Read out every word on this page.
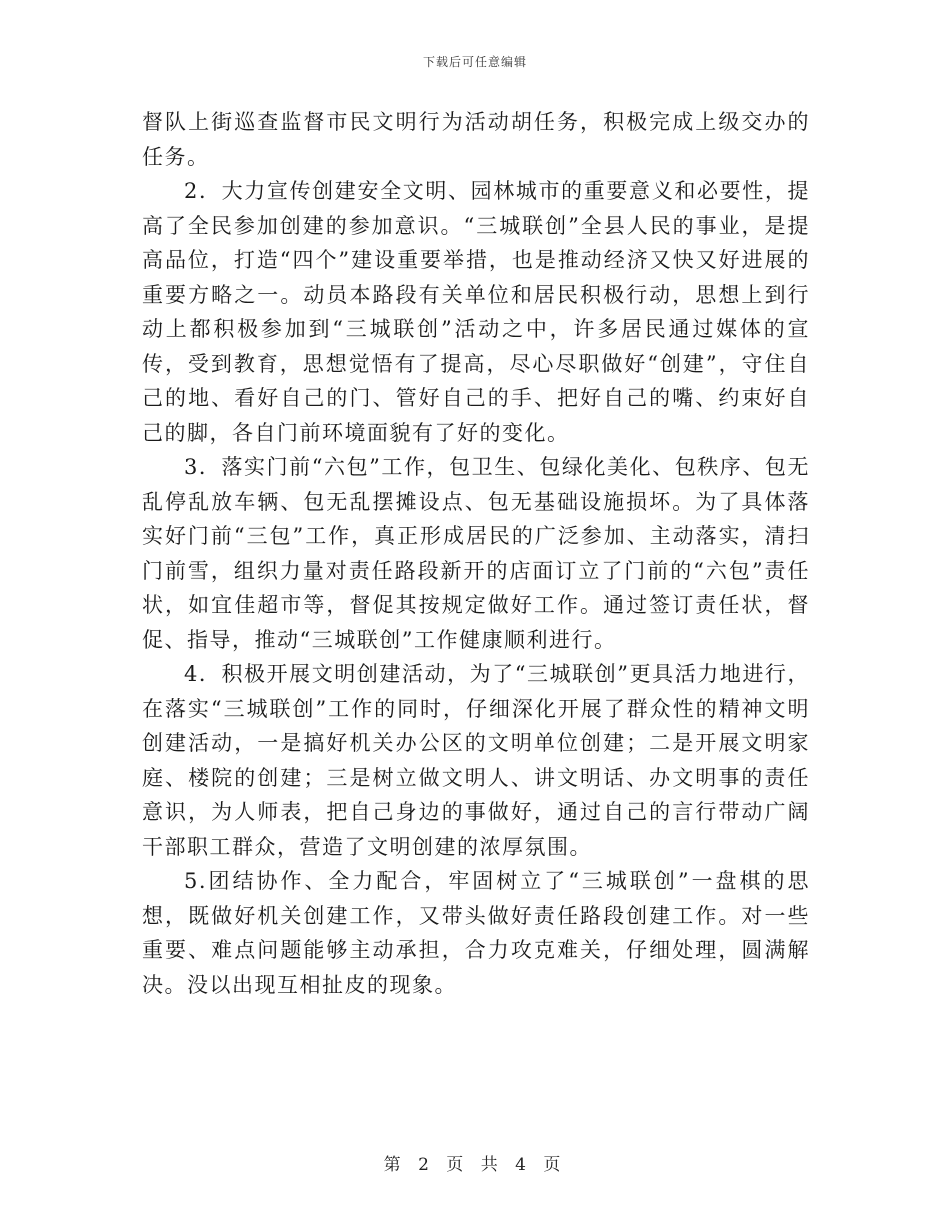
下载后可任意编辑

督队上街巡查监督市民文明行为活动胡任务，积极完成上级交办的任务。

2．大力宣传创建安全文明、园林城市的重要意义和必要性，提高了全民参加创建的参加意识。“三城联创”全县人民的事业，是提高品位，打造“四个”建设重要举措，也是推动经济又快又好进展的重要方略之一。动员本路段有关单位和居民积极行动，思想上到行动上都积极参加到“三城联创”活动之中，许多居民通过媒体的宣传，受到教育，思想觉悟有了提高，尽心尽职做好“创建”，守住自己的地、看好自己的门、管好自己的手、把好自己的嘴、约束好自己的脚，各自门前环境面貌有了好的变化。

3．落实门前“六包”工作，包卫生、包绿化美化、包秩序、包无乱停乱放车辆、包无乱摆摊设点、包无基础设施损坏。为了具体落实好门前“三包”工作，真正形成居民的广泛参加、主动落实，清扫门前雪，组织力量对责任路段新开的店面订立了门前的“六包”责任状，如宜佳超市等，督促其按规定做好工作。通过签订责任状，督促、指导，推动“三城联创”工作健康顺利进行。

4．积极开展文明创建活动，为了“三城联创”更具活力地进行，在落实“三城联创”工作的同时，仔细深化开展了群众性的精神文明创建活动，一是搞好机关办公区的文明单位创建；二是开展文明家庭、楼院的创建；三是树立做文明人、讲文明话、办文明事的责任意识，为人师表，把自己身边的事做好，通过自己的言行带动广阔干部职工群众，营造了文明创建的浓厚氛围。

5.团结协作、全力配合，牢固树立了“三城联创”一盘棋的思想，既做好机关创建工作，又带头做好责任路段创建工作。对一些重要、难点问题能够主动承担，合力攻克难关，仔细处理，圆满解决。没以出现互相扯皮的现象。

第 2 页 共 4 页
